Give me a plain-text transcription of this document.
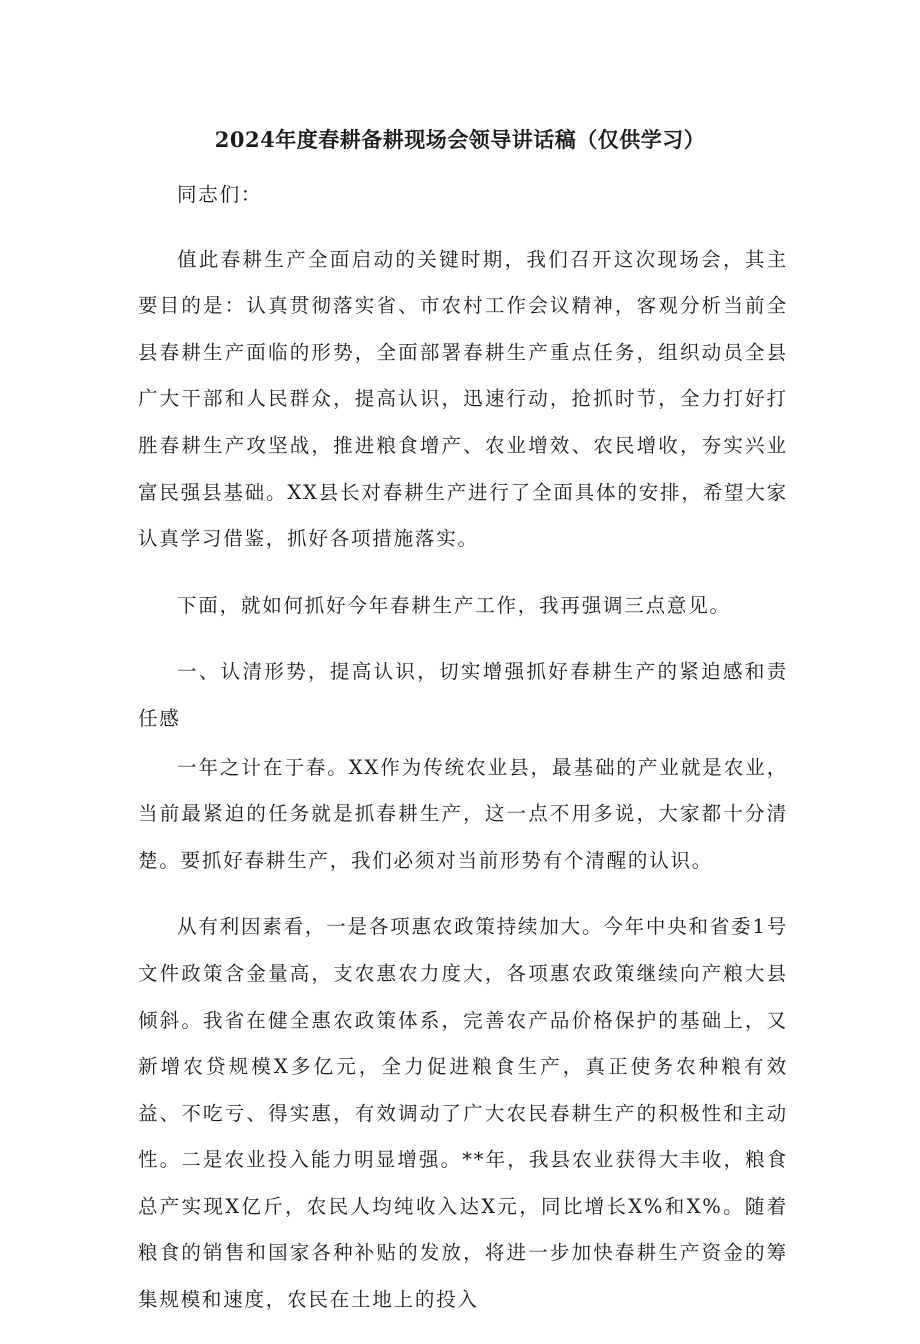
2024年度春耕备耕现场会领导讲话稿（仅供学习）

同志们：

值此春耕生产全面启动的关键时期，我们召开这次现场会，其主要目的是：认真贯彻落实省、市农村工作会议精神，客观分析当前全县春耕生产面临的形势，全面部署春耕生产重点任务，组织动员全县广大干部和人民群众，提高认识，迅速行动，抢抓时节，全力打好打胜春耕生产攻坚战，推进粮食增产、农业增效、农民增收，夯实兴业富民强县基础。XX县长对春耕生产进行了全面具体的安排，希望大家认真学习借鉴，抓好各项措施落实。

下面，就如何抓好今年春耕生产工作，我再强调三点意见。

一、认清形势，提高认识，切实增强抓好春耕生产的紧迫感和责任感

一年之计在于春。XX作为传统农业县，最基础的产业就是农业，当前最紧迫的任务就是抓春耕生产，这一点不用多说，大家都十分清楚。要抓好春耕生产，我们必须对当前形势有个清醒的认识。

从有利因素看，一是各项惠农政策持续加大。今年中央和省委1号文件政策含金量高，支农惠农力度大，各项惠农政策继续向产粮大县倾斜。我省在健全惠农政策体系，完善农产品价格保护的基础上，又新增农贷规模X多亿元，全力促进粮食生产，真正使务农种粮有效益、不吃亏、得实惠，有效调动了广大农民春耕生产的积极性和主动性。二是农业投入能力明显增强。**年，我县农业获得大丰收，粮食总产实现X亿斤，农民人均纯收入达X元，同比增长X%和X%。随着粮食的销售和国家各种补贴的发放，将进一步加快春耕生产资金的筹集规模和速度，农民在土地上的投入
